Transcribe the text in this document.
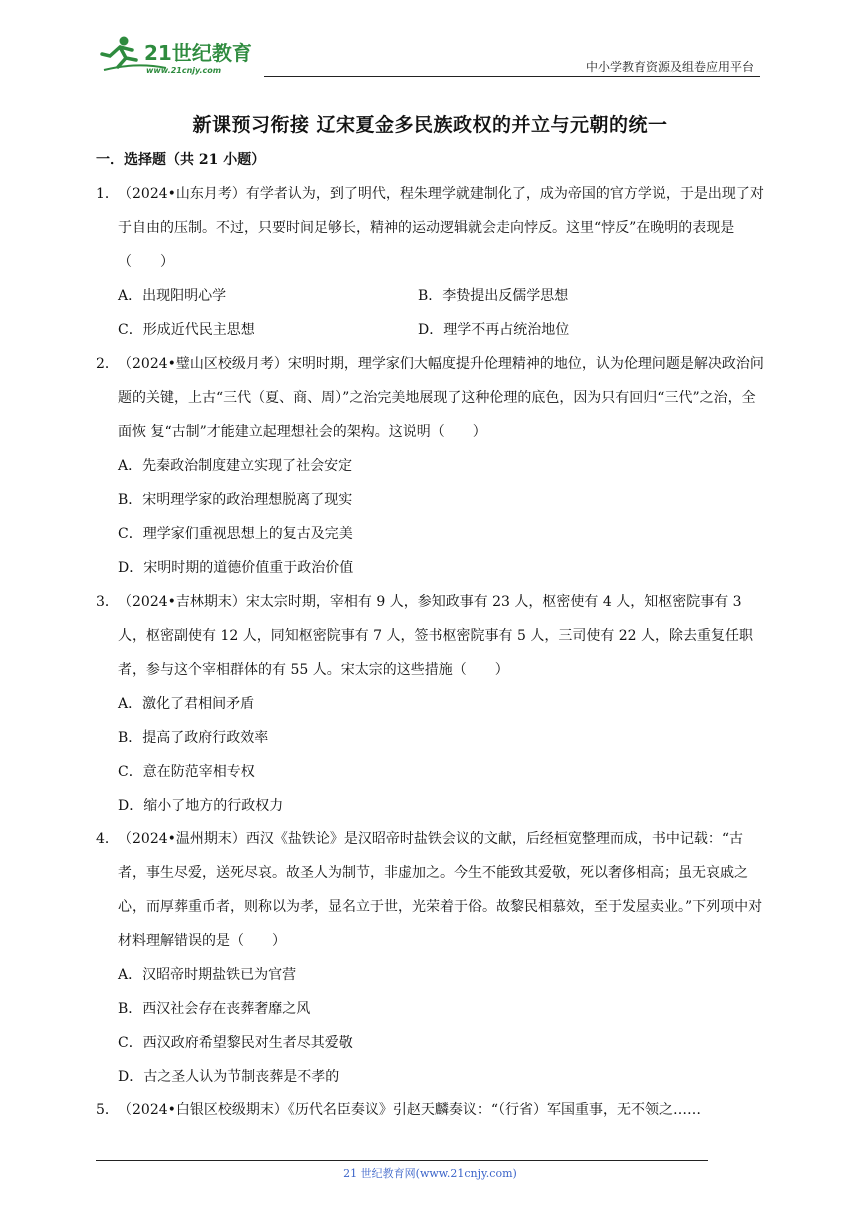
21世纪教育
www.21cnjy.com	中小学教育资源及组卷应用平台
新课预习衔接 辽宋夏金多民族政权的并立与元朝的统一
一．选择题（共 21 小题）
1． （2024•山东月考）有学者认为，到了明代，程朱理学就建制化了，成为帝国的官方学说，于是出现了对于自由的压制。不过，只要时间足够长，精神的运动逻辑就会走向悖反。这里“悖反”在晚明的表现是（　　）

A．出现阳明心学	B．李贽提出反儒学思想
C．形成近代民主思想	D．理学不再占统治地位
2． （2024•璧山区校级月考）宋明时期，理学家们大幅度提升伦理精神的地位，认为伦理问题是解决政治问题的关键，上古“三代（夏、商、周）”之治完美地展现了这种伦理的底色，因为只有回归“三代”之治，全面恢 复“古制”才能建立起理想社会的架构。这说明（　　）

A．先秦政治制度建立实现了社会安定
B．宋明理学家的政治理想脱离了现实
C．理学家们重视思想上的复古及完美
D．宋明时期的道德价值重于政治价值
3． （2024•吉林期末）宋太宗时期，宰相有 9 人，参知政事有 23 人，枢密使有 4 人，知枢密院事有 3 人，枢密副使有 12 人，同知枢密院事有 7 人，签书枢密院事有 5 人，三司使有 22 人，除去重复任职者，参与这个宰相群体的有 55 人。宋太宗的这些措施（　　）

A．激化了君相间矛盾
B．提高了政府行政效率
C．意在防范宰相专权
D．缩小了地方的行政权力
4． （2024•温州期末）西汉《盐铁论》是汉昭帝时盐铁会议的文献，后经桓宽整理而成，书中记载：“古者，事生尽爱，送死尽哀。故圣人为制节，非虚加之。今生不能致其爱敬，死以奢侈相高；虽无哀戚之心，而厚葬重币者，则称以为孝，显名立于世，光荣着于俗。故黎民相慕效，至于发屋卖业。”下列项中对材料理解错误的是（　　）

A．汉昭帝时期盐铁已为官营
B．西汉社会存在丧葬奢靡之风
C．西汉政府希望黎民对生者尽其爱敬
D．古之圣人认为节制丧葬是不孝的
5． （2024•白银区校级期末）《历代名臣奏议》引赵天麟奏议：“（行省）军国重事，无不领之……

21 世纪教育网(www.21cnjy.com)
